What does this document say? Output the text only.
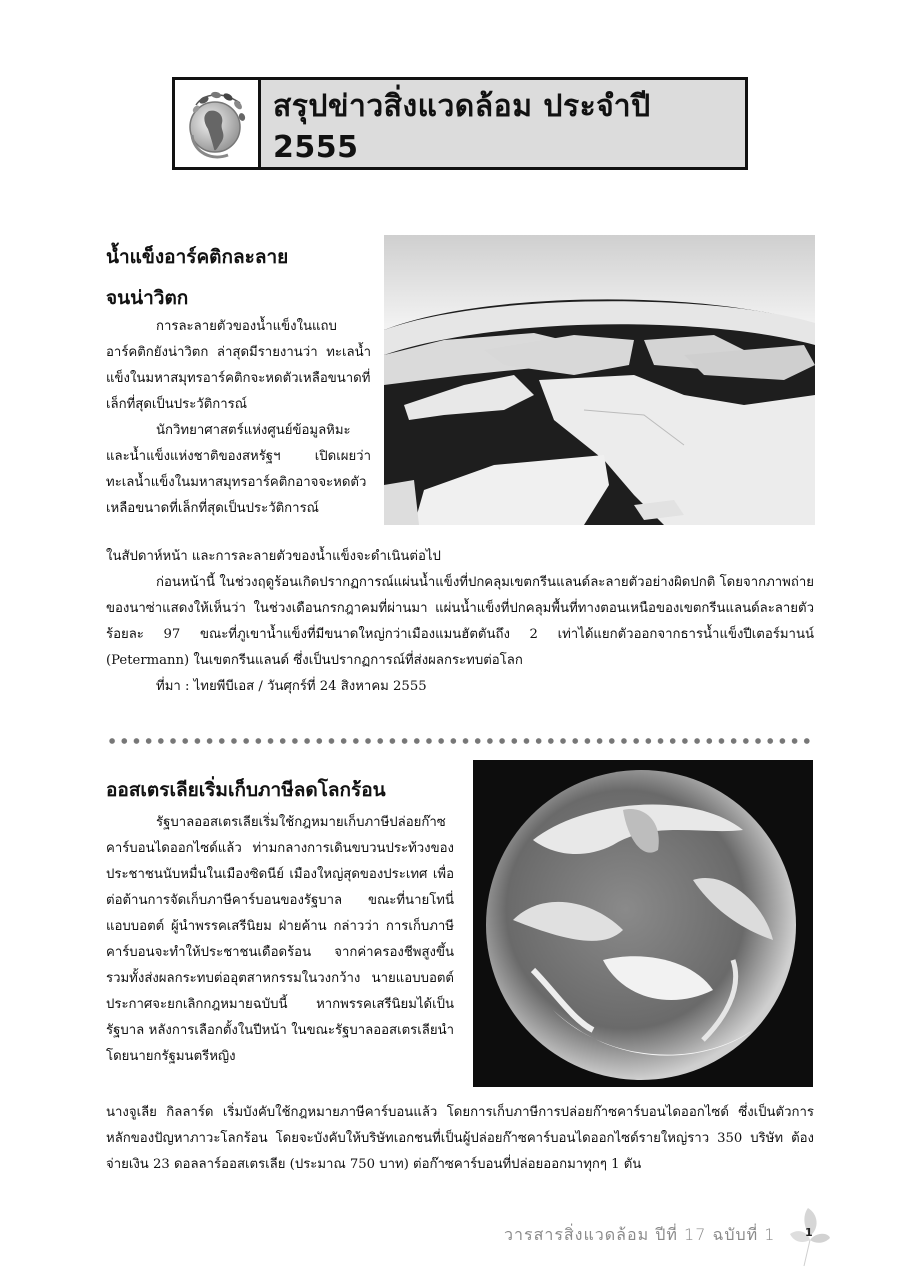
สรุปข่าวสิ่งแวดล้อม ประจำปี 2555
น้ำแข็งอาร์คติกละลาย
จนน่าวิตก
การละลายตัวของน้ำแข็งในแถบอาร์คติกยังน่าวิตก ล่าสุดมีรายงานว่า ทะเลน้ำแข็งในมหาสมุทรอาร์คติกจะหดตัวเหลือขนาดที่เล็กที่สุดเป็นประวัติการณ์
นักวิทยาศาสตร์แห่งศูนย์ข้อมูลหิมะและน้ำแข็งแห่งชาติของสหรัฐฯ เปิดเผยว่า ทะเลน้ำแข็งในมหาสมุทรอาร์คติกอาจจะหดตัวเหลือขนาดที่เล็กที่สุดเป็นประวัติการณ์
ในสัปดาห์หน้า และการละลายตัวของน้ำแข็งจะดำเนินต่อไป
ก่อนหน้านี้ ในช่วงฤดูร้อนเกิดปรากฏการณ์แผ่นน้ำแข็งที่ปกคลุมเขตกรีนแลนด์ละลายตัวอย่างผิดปกติ โดยจากภาพถ่ายของนาซ่าแสดงให้เห็นว่า ในช่วงเดือนกรกฎาคมที่ผ่านมา แผ่นน้ำแข็งที่ปกคลุมพื้นที่ทางตอนเหนือของเขตกรีนแลนด์ละลายตัวร้อยละ 97 ขณะที่ภูเขาน้ำแข็งที่มีขนาดใหญ่กว่าเมืองแมนฮัตตันถึง 2 เท่าได้แยกตัวออกจากธารน้ำแข็งปีเตอร์มานน์ (Petermann) ในเขตกรีนแลนด์ ซึ่งเป็นปรากฏการณ์ที่ส่งผลกระทบต่อโลก
ที่มา : ไทยพีบีเอส / วันศุกร์ที่ 24 สิงหาคม 2555
ออสเตรเลียเริ่มเก็บภาษีลดโลกร้อน
รัฐบาลออสเตรเลียเริ่มใช้กฎหมายเก็บภาษีปล่อยก๊าซคาร์บอนไดออกไซด์แล้ว ท่ามกลางการเดินขบวนประท้วงของประชาชนนับหมื่นในเมืองซิดนีย์ เมืองใหญ่สุดของประเทศ เพื่อต่อต้านการจัดเก็บภาษีคาร์บอนของรัฐบาล ขณะที่นายโทนี่ แอบบอตต์ ผู้นำพรรคเสรีนิยม ฝ่ายค้าน กล่าวว่า การเก็บภาษีคาร์บอนจะทำให้ประชาชนเดือดร้อน จากค่าครองชีพสูงขึ้น รวมทั้งส่งผลกระทบต่ออุตสาหกรรมในวงกว้าง นายแอบบอตต์ประกาศจะยกเลิกกฎหมายฉบับนี้ หากพรรคเสรีนิยมได้เป็นรัฐบาล หลังการเลือกตั้งในปีหน้า ในขณะรัฐบาลออสเตรเลียนำโดยนายกรัฐมนตรีหญิง
นางจูเลีย กิลลาร์ด เริ่มบังคับใช้กฎหมายภาษีคาร์บอนแล้ว โดยการเก็บภาษีการปล่อยก๊าซคาร์บอนไดออกไซด์ ซึ่งเป็นตัวการหลักของปัญหาภาวะโลกร้อน โดยจะบังคับให้บริษัทเอกชนที่เป็นผู้ปล่อยก๊าซคาร์บอนไดออกไซด์รายใหญ่ราว 350 บริษัท ต้องจ่ายเงิน 23 ดอลลาร์ออสเตรเลีย (ประมาณ 750 บาท) ต่อก๊าซคาร์บอนที่ปล่อยออกมาทุกๆ 1 ตัน
วารสารสิ่งแวดล้อม ปีที่ 17 ฉบับที่ 1	1
